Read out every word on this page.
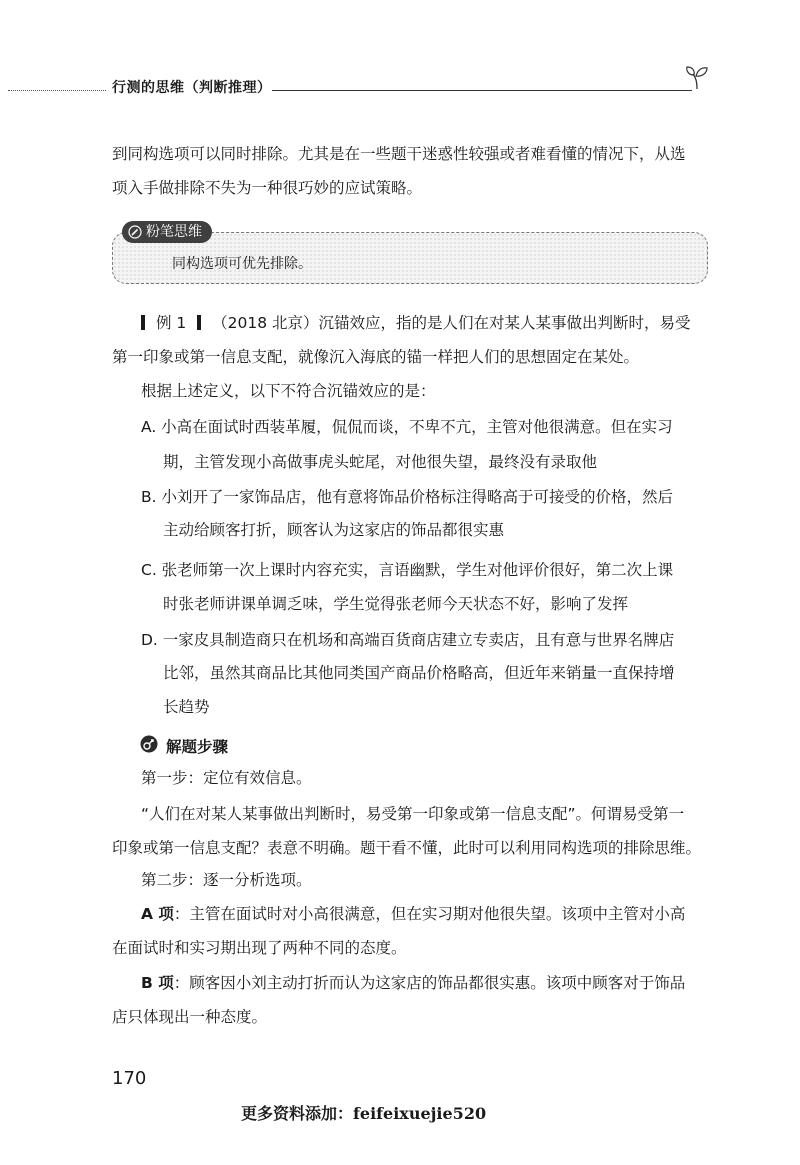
行测的思维（判断推理）
到同构选项可以同时排除。尤其是在一些题干迷惑性较强或者难看懂的情况下，从选
项入手做排除不失为一种很巧妙的应试策略。
粉笔思维
同构选项可优先排除。
例 1 （2018 北京）沉锚效应，指的是人们在对某人某事做出判断时，易受
第一印象或第一信息支配，就像沉入海底的锚一样把人们的思想固定在某处。
根据上述定义，以下不符合沉锚效应的是：
A. 小高在面试时西装革履，侃侃而谈，不卑不亢，主管对他很满意。但在实习
期，主管发现小高做事虎头蛇尾，对他很失望，最终没有录取他
B. 小刘开了一家饰品店，他有意将饰品价格标注得略高于可接受的价格，然后
主动给顾客打折，顾客认为这家店的饰品都很实惠
C. 张老师第一次上课时内容充实，言语幽默，学生对他评价很好，第二次上课
时张老师讲课单调乏味，学生觉得张老师今天状态不好，影响了发挥
D. 一家皮具制造商只在机场和高端百货商店建立专卖店，且有意与世界名牌店
比邻，虽然其商品比其他同类国产商品价格略高，但近年来销量一直保持增
长趋势
解题步骤
第一步：定位有效信息。
“人们在对某人某事做出判断时，易受第一印象或第一信息支配”。何谓易受第一
印象或第一信息支配？表意不明确。题干看不懂，此时可以利用同构选项的排除思维。
第二步：逐一分析选项。
A 项：主管在面试时对小高很满意，但在实习期对他很失望。该项中主管对小高
在面试时和实习期出现了两种不同的态度。
B 项：顾客因小刘主动打折而认为这家店的饰品都很实惠。该项中顾客对于饰品
店只体现出一种态度。
170
更多资料添加：feifeixuejie520
